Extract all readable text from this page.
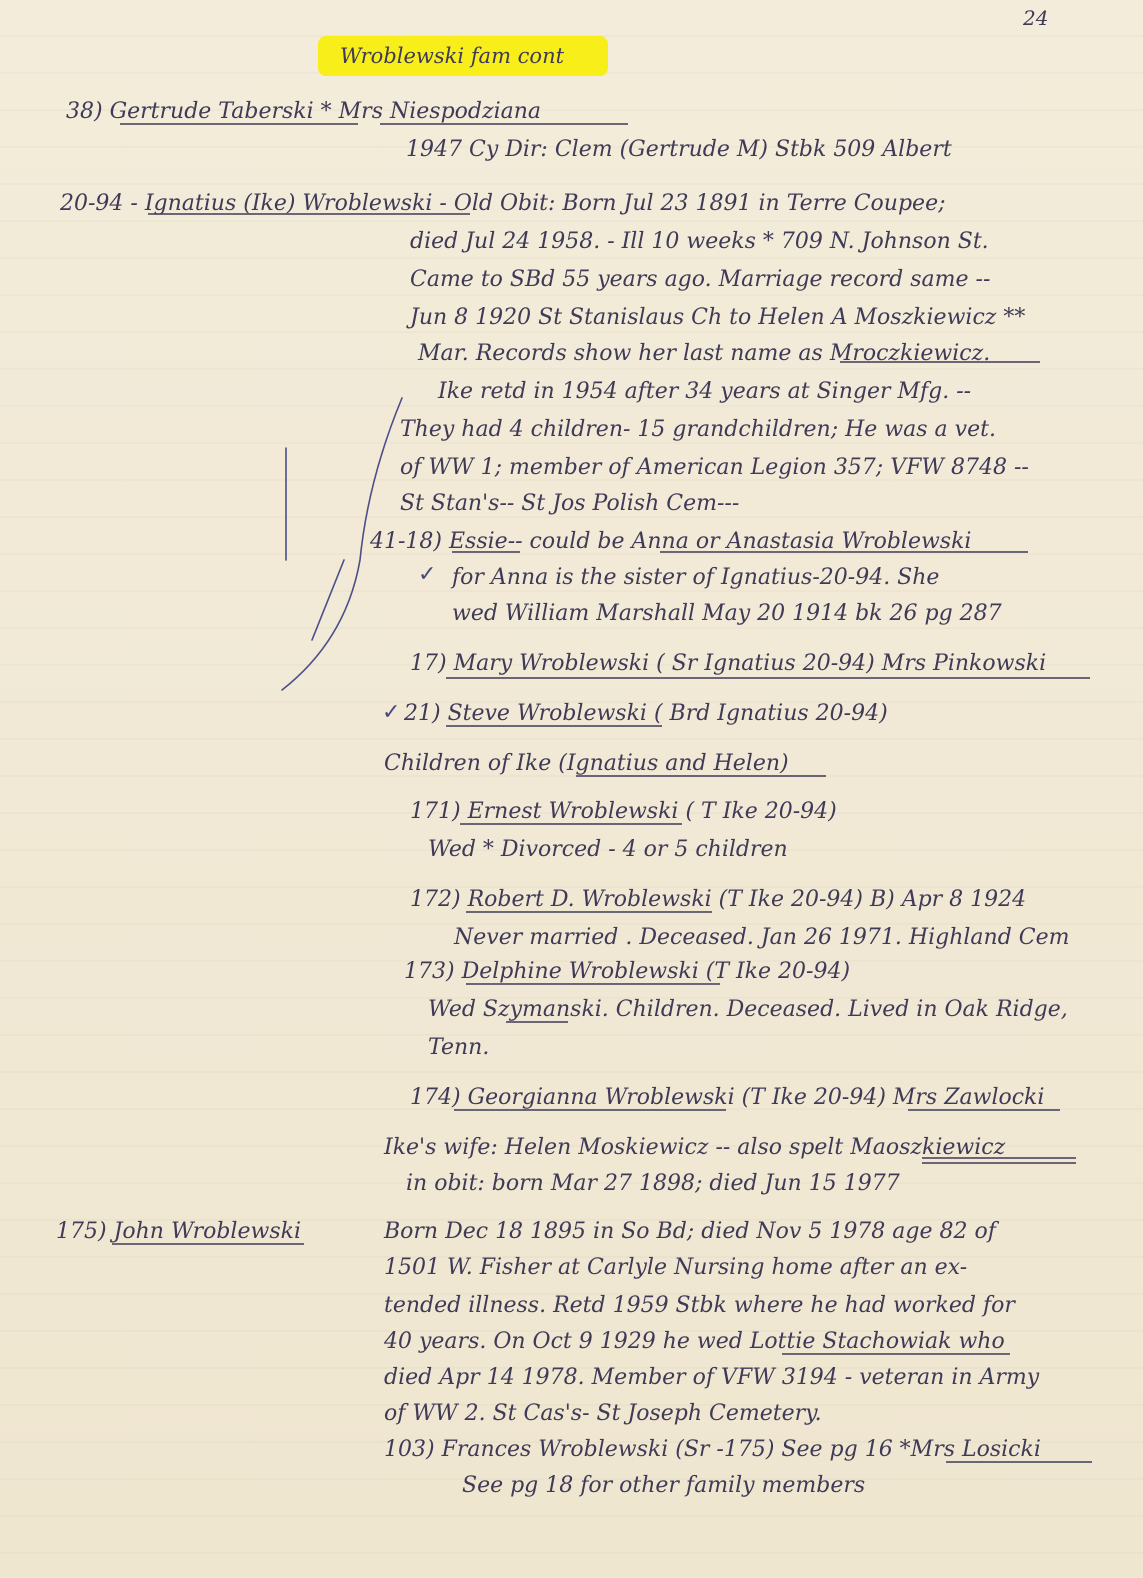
24
Wroblewski fam cont
38) Gertrude Taberski * Mrs Niespodziana
1947 Cy Dir: Clem (Gertrude M) Stbk 509 Albert
20-94 - Ignatius (Ike) Wroblewski - Old Obit: Born Jul 23 1891 in Terre Coupee;
died Jul 24 1958. - Ill 10 weeks * 709 N. Johnson St.
Came to SBd 55 years ago. Marriage record same --
Jun 8 1920 St Stanislaus Ch to Helen A Moszkiewicz **
Mar. Records show her last name as Mroczkiewicz.
Ike retd in 1954 after 34 years at Singer Mfg. --
They had 4 children- 15 grandchildren; He was a vet.
of WW 1; member of American Legion 357; VFW 8748 --
St Stan's-- St Jos Polish Cem---
41-18) Essie-- could be Anna or Anastasia Wroblewski
✓ for Anna is the sister of Ignatius-20-94. She
wed William Marshall May 20 1914 bk 26 pg 287
17) Mary Wroblewski ( Sr Ignatius 20-94) Mrs Pinkowski
✓ 21) Steve Wroblewski ( Brd Ignatius 20-94)
Children of Ike (Ignatius and Helen)
171) Ernest Wroblewski ( T Ike 20-94)
Wed * Divorced - 4 or 5 children
172) Robert D. Wroblewski (T Ike 20-94) B) Apr 8 1924
Never married . Deceased. Jan 26 1971. Highland Cem
173) Delphine Wroblewski (T Ike 20-94)
Wed Szymanski. Children. Deceased. Lived in Oak Ridge,
Tenn.
174) Georgianna Wroblewski (T Ike 20-94) Mrs Zawlocki
Ike's wife: Helen Moskiewicz -- also spelt Maoszkiewicz
in obit: born Mar 27 1898; died Jun 15 1977
175) John Wroblewski	Born Dec 18 1895 in So Bd; died Nov 5 1978 age 82 of
1501 W. Fisher at Carlyle Nursing home after an ex-
tended illness. Retd 1959 Stbk where he had worked for
40 years. On Oct 9 1929 he wed Lottie Stachowiak who
died Apr 14 1978. Member of VFW 3194 - veteran in Army
of WW 2. St Cas's- St Joseph Cemetery.
103) Frances Wroblewski (Sr -175) See pg 16 *Mrs Losicki
See pg 18 for other family members
